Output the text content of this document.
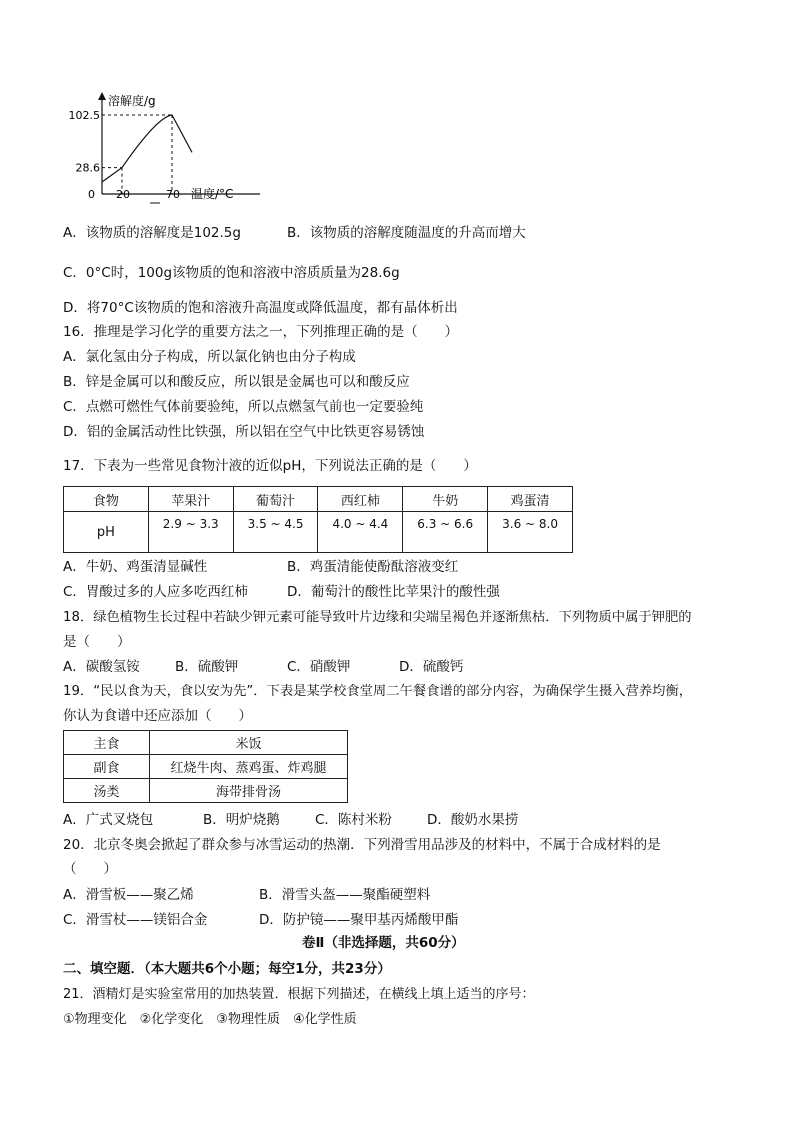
溶解度/g
温度/°C
0 20	70
28.6
102.5
A．该物质的溶解度是102.5g	B．该物质的溶解度随温度的升高而增大
C．0°C时，100g该物质的饱和溶液中溶质质量为28.6g
D．将70°C该物质的饱和溶液升高温度或降低温度，都有晶体析出
16．推理是学习化学的重要方法之一，下列推理正确的是（　　）
A．氯化氢由分子构成，所以氯化钠也由分子构成
B．锌是金属可以和酸反应，所以银是金属也可以和酸反应
C．点燃可燃性气体前要验纯，所以点燃氢气前也一定要验纯
D．铝的金属活动性比铁强，所以铝在空气中比铁更容易锈蚀
17．下表为一些常见食物汁液的近似pH，下列说法正确的是（　　）
食物	苹果汁	葡萄汁	西红柿	牛奶	鸡蛋清
pH	2.9 ~ 3.3	3.5 ~ 4.5	4.0 ~ 4.4	6.3 ~ 6.6	3.6 ~ 8.0
A．牛奶、鸡蛋清显碱性	B．鸡蛋清能使酚酞溶液变红
C．胃酸过多的人应多吃西红柿	D．葡萄汁的酸性比苹果汁的酸性强
18．绿色植物生长过程中若缺少钾元素可能导致叶片边缘和尖端呈褐色并逐渐焦枯．下列物质中属于钾肥的
是（　　）
A．碳酸氢铵	B．硫酸钾	C．硝酸钾	D．硫酸钙
19．“民以食为天，食以安为先”．下表是某学校食堂周二午餐食谱的部分内容，为确保学生摄入营养均衡，
你认为食谱中还应添加（　　）
主食	米饭
副食	红烧牛肉、蒸鸡蛋、炸鸡腿
汤类	海带排骨汤
A．广式叉烧包	B．明炉烧鹅	C．陈村米粉	D．酸奶水果捞
20．北京冬奥会掀起了群众参与冰雪运动的热潮．下列滑雪用品涉及的材料中，不属于合成材料的是
（　　）
A．滑雪板——聚乙烯	B．滑雪头盔——聚酯硬塑料
C．滑雪杖——镁铝合金	D．防护镜——聚甲基丙烯酸甲酯
卷Ⅱ（非选择题，共60分）
二、填空题．（本大题共6个小题；每空1分，共23分）
21．酒精灯是实验室常用的加热装置．根据下列描述，在横线上填上适当的序号：
①物理变化　②化学变化　③物理性质　④化学性质
